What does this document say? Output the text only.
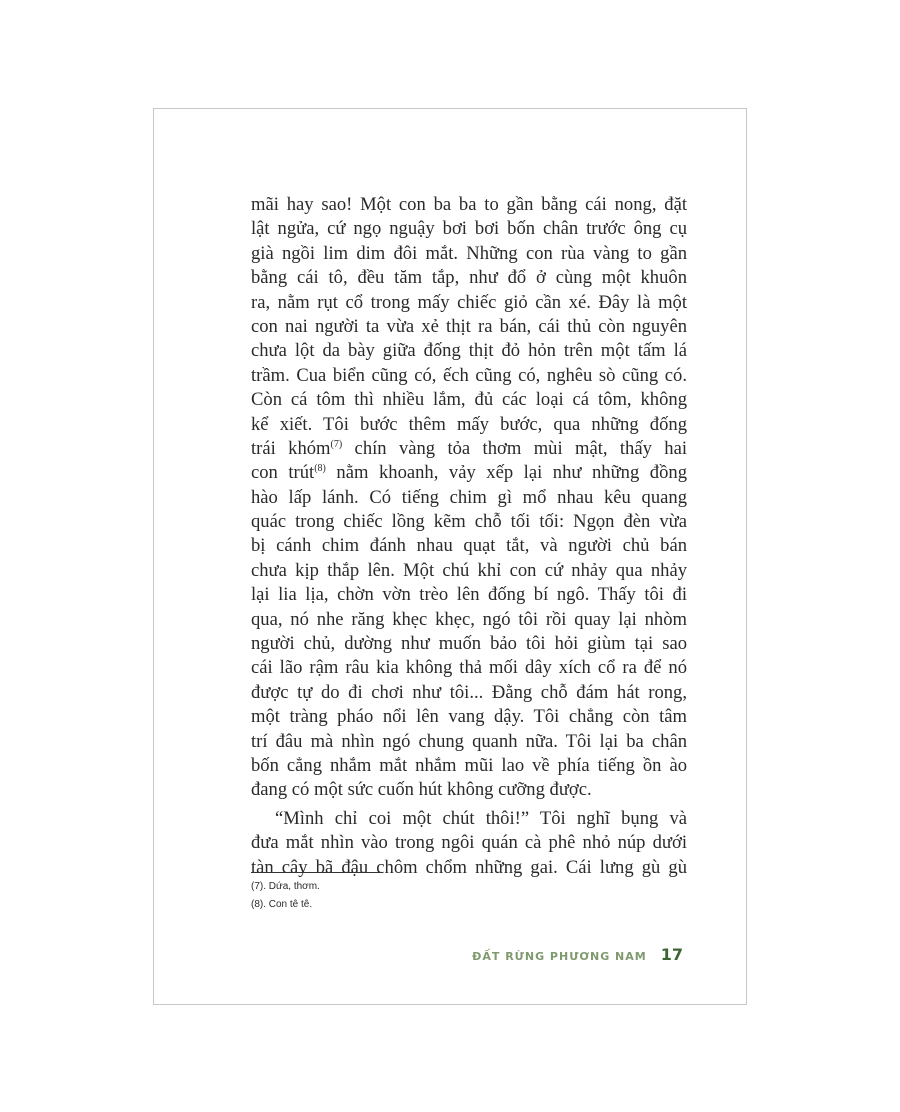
mãi hay sao! Một con ba ba to gần bằng cái nong, đặt
lật ngửa, cứ ngọ nguậy bơi bơi bốn chân trước ông cụ
già ngồi lim dim đôi mắt. Những con rùa vàng to gần
bằng cái tô, đều tăm tắp, như đổ ở cùng một khuôn
ra, nằm rụt cổ trong mấy chiếc giỏ cần xé. Đây là một
con nai người ta vừa xẻ thịt ra bán, cái thủ còn nguyên
chưa lột da bày giữa đống thịt đỏ hỏn trên một tấm lá
trầm. Cua biển cũng có, ếch cũng có, nghêu sò cũng có.
Còn cá tôm thì nhiều lắm, đủ các loại cá tôm, không
kể xiết. Tôi bước thêm mấy bước, qua những đống
trái khóm$^{(7)}$ chín vàng tỏa thơm mùi mật, thấy hai
con trút$^{(8)}$ nằm khoanh, vảy xếp lại như những đồng
hào lấp lánh. Có tiếng chim gì mổ nhau kêu quang
quác trong chiếc lồng kẽm chỗ tối tối: Ngọn đèn vừa
bị cánh chim đánh nhau quạt tắt, và người chủ bán
chưa kịp thắp lên. Một chú khỉ con cứ nhảy qua nhảy
lại lia lịa, chờn vờn trèo lên đống bí ngô. Thấy tôi đi
qua, nó nhe răng khẹc khẹc, ngó tôi rồi quay lại nhòm
người chủ, dường như muốn bảo tôi hỏi giùm tại sao
cái lão rậm râu kia không thả mối dây xích cổ ra để nó
được tự do đi chơi như tôi... Đằng chỗ đám hát rong,
một tràng pháo nổi lên vang dậy. Tôi chẳng còn tâm
trí đâu mà nhìn ngó chung quanh nữa. Tôi lại ba chân
bốn cẳng nhắm mắt nhắm mũi lao về phía tiếng ồn ào
đang có một sức cuốn hút không cưỡng được.
“Mình chỉ coi một chút thôi!” Tôi nghĩ bụng và
đưa mắt nhìn vào trong ngôi quán cà phê nhỏ núp dưới
tàn cây bã đậu chôm chổm những gai. Cái lưng gù gù
(7). Dứa, thơm.
(8). Con tê tê.
ĐẤT RỪNG PHƯƠNG NAM 17
